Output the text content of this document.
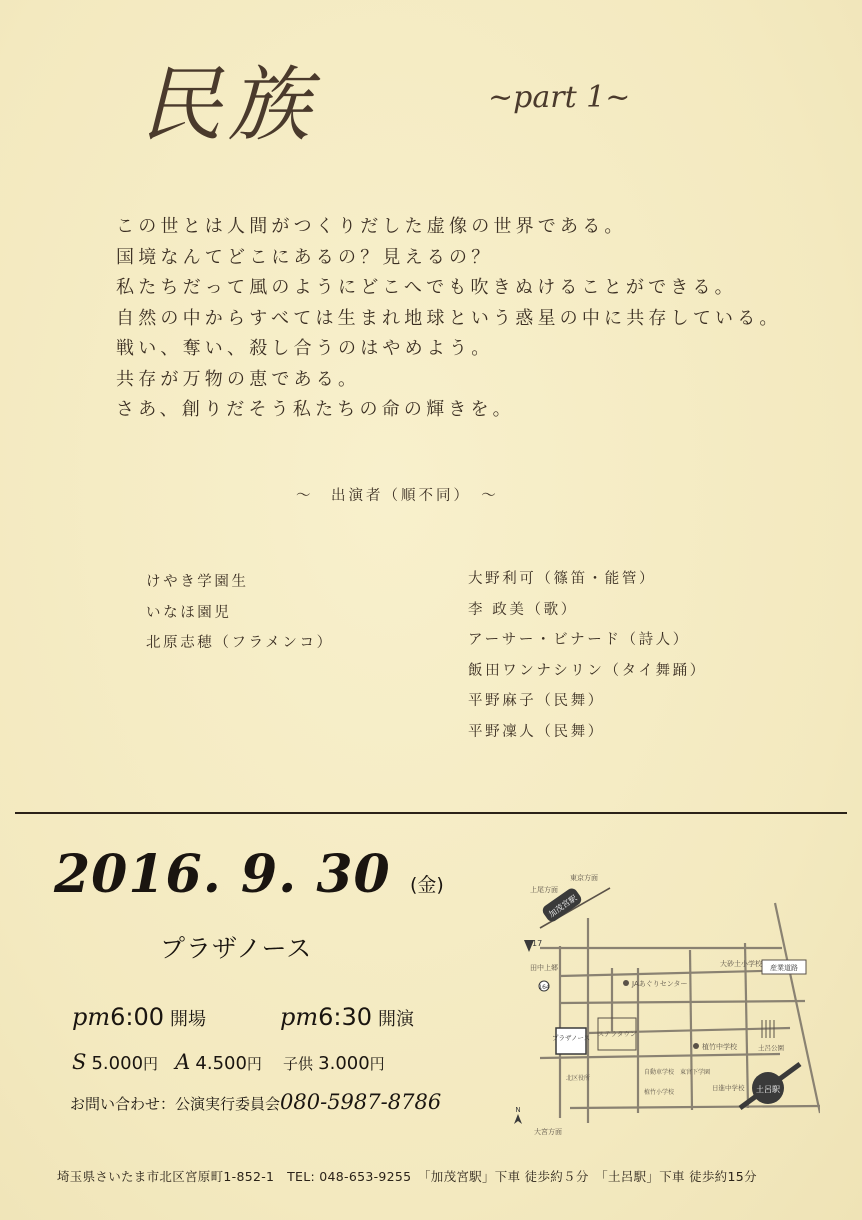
民族	~part 1~
この世とは人間がつくりだした虚像の世界である。
国境なんてどこにあるの？見えるの？
私たちだって風のようにどこへでも吹きぬけることができる。
自然の中からすべては生まれ地球という惑星の中に共存している。
戦い、奪い、殺し合うのはやめよう。
共存が万物の恵である。
さあ、創りだそう私たちの命の輝きを。
～　出演者（順不同）　～
けやき学園生
いなほ園児
北原志穂（フラメンコ）
大野利可（篠笛・能管）
李 政美（歌）
アーサー・ビナード（詩人）
飯田ワンナシリン（タイ舞踊）
平野麻子（民舞）
平野凜人（民舞）
2016. 9. 30 (金)
プラザノース
pm6:00 開場	pm6:30 開演
S 5.000円 A 4.500円 子供 3.000円
お問い合わせ：公演実行委員会080-5987-8786
加茂宮駅
東京方面
上尾方面
17
田中上郷
164	JAあぐりセンター
大砂土小学校 産業道路
プラザノース ステラタウン
植竹中学校
自動車学校 東宮下学園
植竹小学校
北区役所
日進中学校
土呂公園
土呂駅
N
大宮方面
埼玉県さいたま市北区宮原町1-852-1　TEL: 048-653-9255　「加茂宮駅」下車 徒歩約５分　「土呂駅」下車 徒歩約15分
